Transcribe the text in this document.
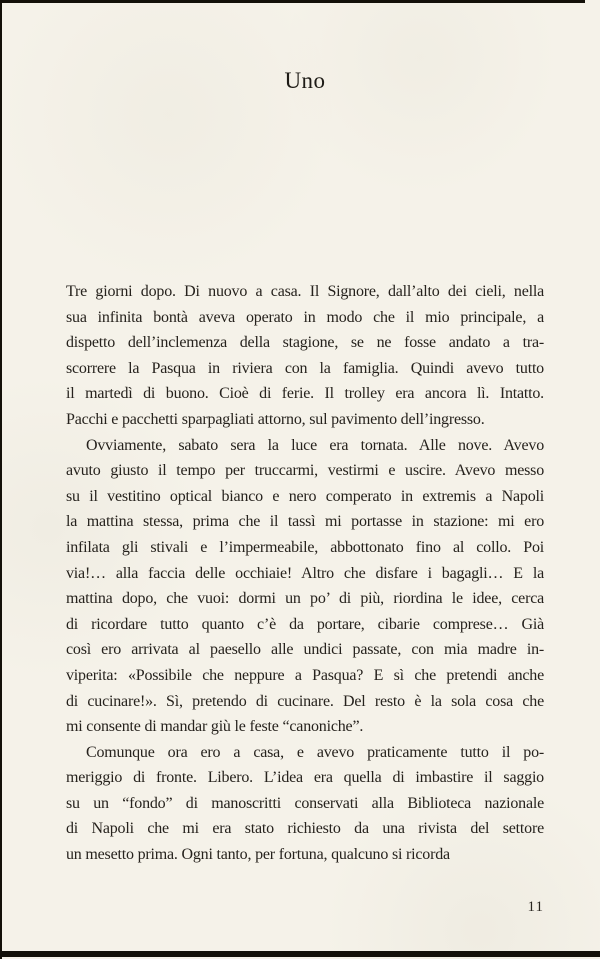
Uno
Tre giorni dopo. Di nuovo a casa. Il Signore, dall’alto dei cieli, nella
sua infinita bontà aveva operato in modo che il mio principale, a
dispetto dell’inclemenza della stagione, se ne fosse andato a tra-
scorrere la Pasqua in riviera con la famiglia. Quindi avevo tutto
il martedì di buono. Cioè di ferie. Il trolley era ancora lì. Intatto.
Pacchi e pacchetti sparpagliati attorno, sul pavimento dell’ingresso.
Ovviamente, sabato sera la luce era tornata. Alle nove. Avevo
avuto giusto il tempo per truccarmi, vestirmi e uscire. Avevo messo
su il vestitino optical bianco e nero comperato in extremis a Napoli
la mattina stessa, prima che il tassì mi portasse in stazione: mi ero
infilata gli stivali e l’impermeabile, abbottonato fino al collo. Poi
via!… alla faccia delle occhiaie! Altro che disfare i bagagli… E la
mattina dopo, che vuoi: dormi un po’ di più, riordina le idee, cerca
di ricordare tutto quanto c’è da portare, cibarie comprese… Già
così ero arrivata al paesello alle undici passate, con mia madre in-
viperita: «Possibile che neppure a Pasqua? E sì che pretendi anche
di cucinare!». Sì, pretendo di cucinare. Del resto è la sola cosa che
mi consente di mandar giù le feste “canoniche”.
Comunque ora ero a casa, e avevo praticamente tutto il po-
meriggio di fronte. Libero. L’idea era quella di imbastire il saggio
su un “fondo” di manoscritti conservati alla Biblioteca nazionale
di Napoli che mi era stato richiesto da una rivista del settore
un mesetto prima. Ogni tanto, per fortuna, qualcuno si ricorda
11
